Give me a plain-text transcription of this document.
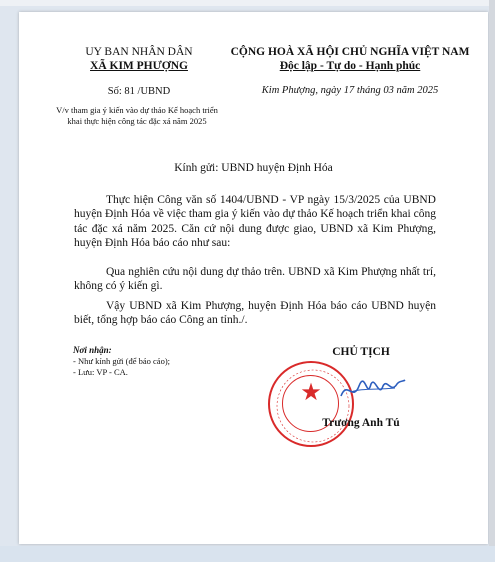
UY BAN NHÂN DÂN
XÃ KIM PHƯỢNG
Số: 81 /UBND
V/v tham gia ý kiến vào dự thảo Kế hoạch triển
khai thực hiện công tác đặc xá năm 2025
CỘNG HOÀ XÃ HỘI CHỦ NGHĨA VIỆT NAM
Độc lập - Tự do - Hạnh phúc
Kim Phượng, ngày 17 tháng 03 năm 2025
Kính gửi: UBND huyện Định Hóa
Thực hiện Công văn số 1404/UBND - VP ngày 15/3/2025 của UBND huyện Định Hóa về việc tham gia ý kiến vào dự thảo Kế hoạch triển khai công tác đặc xá năm 2025. Căn cứ nội dung được giao, UBND xã Kim Phượng, huyện Định Hóa báo cáo như sau:
Qua nghiên cứu nội dung dự thảo trên. UBND xã Kim Phượng nhất trí, không có ý kiến gì.
Vậy UBND xã Kim Phượng, huyện Định Hóa báo cáo UBND huyện biết, tổng hợp báo cáo Công an tỉnh./.
Nơi nhận:
- Như kính gửi (để báo cáo);
- Lưu: VP - CA.
CHỦ TỊCH
★
Trương Anh Tú
